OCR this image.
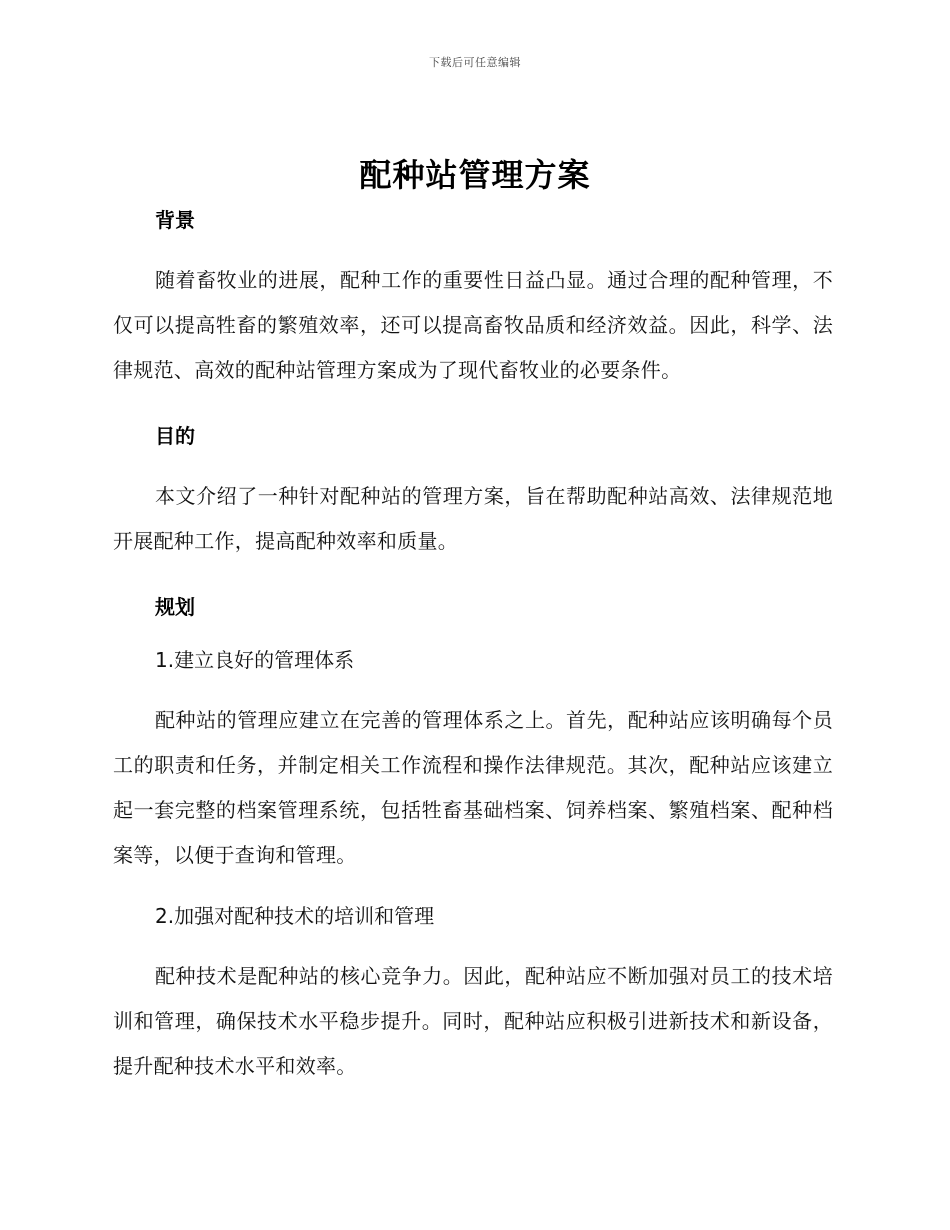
下载后可任意编辑
配种站管理方案

背景

随着畜牧业的进展，配种工作的重要性日益凸显。通过合理的配种管理，不仅可以提高牲畜的繁殖效率，还可以提高畜牧品质和经济效益。因此，科学、法律规范、高效的配种站管理方案成为了现代畜牧业的必要条件。

目的

本文介绍了一种针对配种站的管理方案，旨在帮助配种站高效、法律规范地开展配种工作，提高配种效率和质量。

规划

1.建立良好的管理体系

配种站的管理应建立在完善的管理体系之上。首先，配种站应该明确每个员工的职责和任务，并制定相关工作流程和操作法律规范。其次，配种站应该建立起一套完整的档案管理系统，包括牲畜基础档案、饲养档案、繁殖档案、配种档案等，以便于查询和管理。

2.加强对配种技术的培训和管理

配种技术是配种站的核心竞争力。因此，配种站应不断加强对员工的技术培训和管理，确保技术水平稳步提升。同时，配种站应积极引进新技术和新设备，提升配种技术水平和效率。
